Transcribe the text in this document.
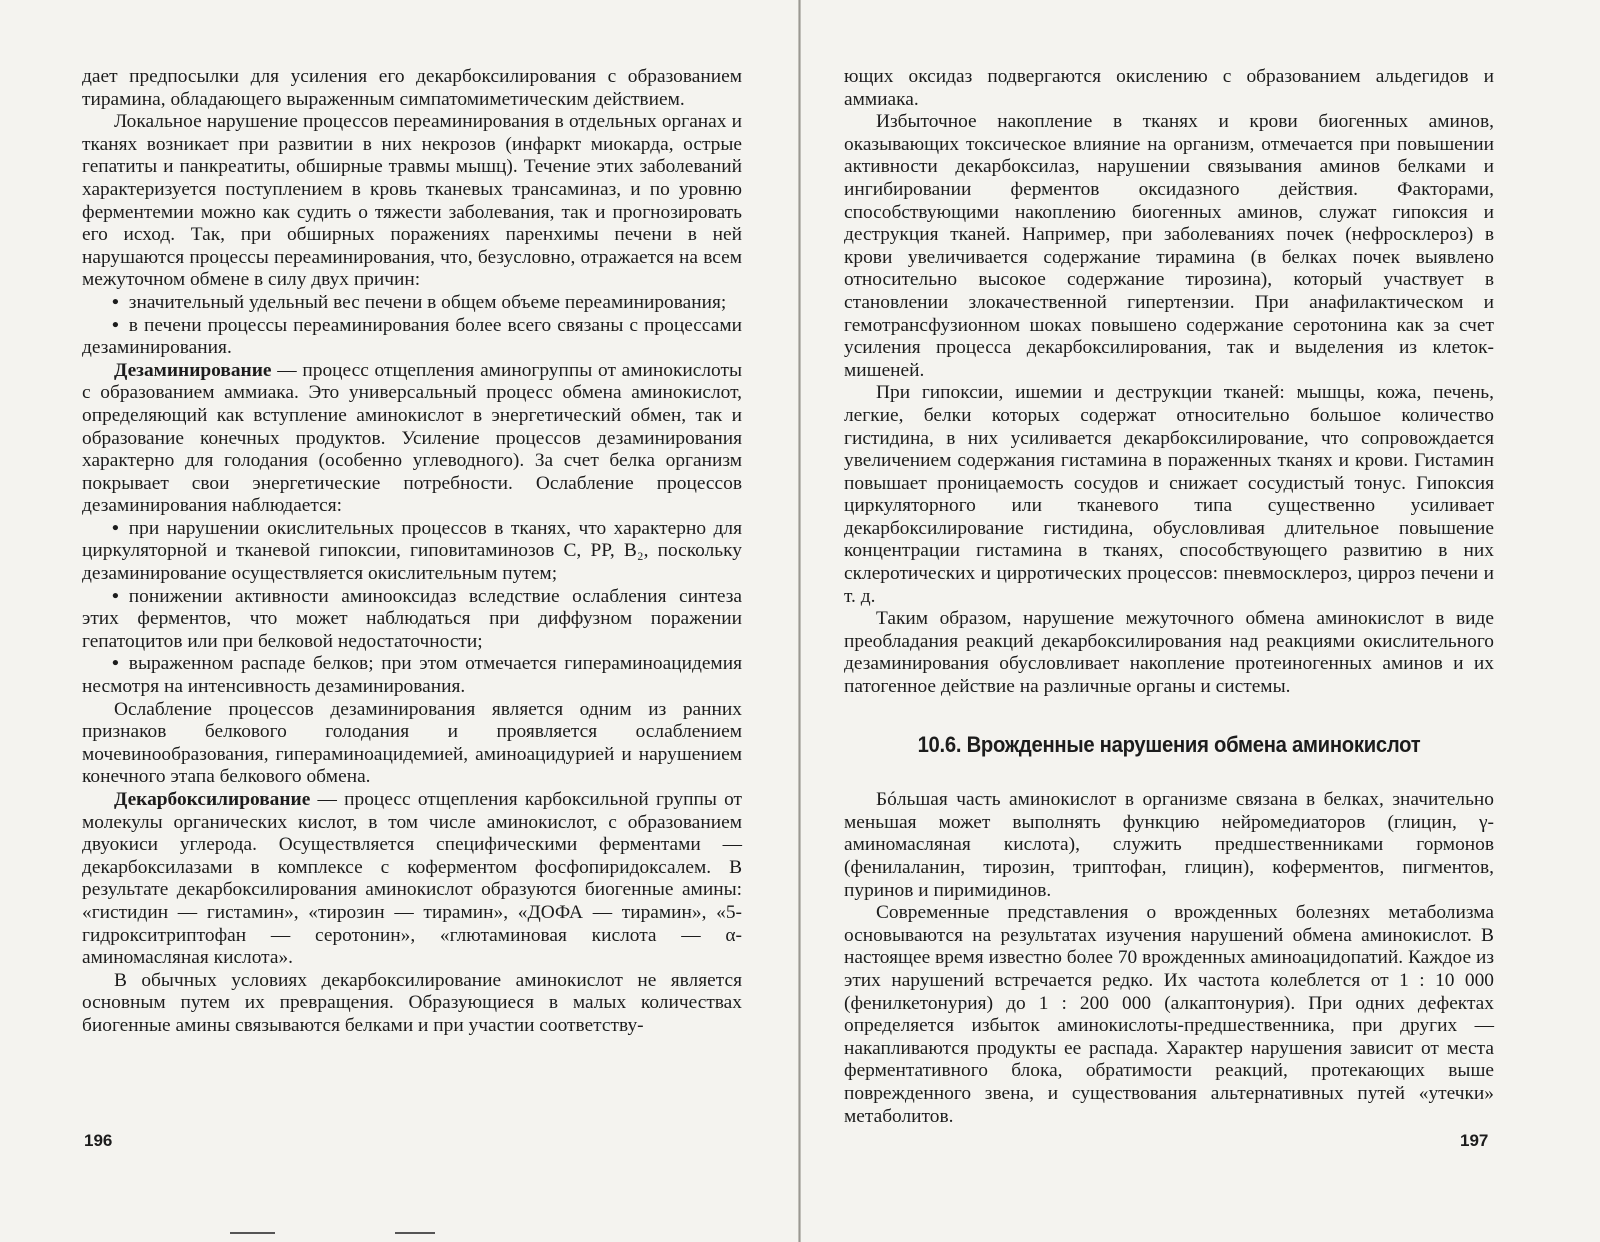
дает предпосылки для усиления его декарбоксилирования с образованием тирамина, обладающего выраженным симпатомиметическим действием.

Локальное нарушение процессов переаминирования в отдельных органах и тканях возникает при развитии в них некрозов (инфаркт миокарда, острые гепатиты и панкреатиты, обширные травмы мышц). Течение этих заболеваний характеризуется поступлением в кровь тканевых трансаминаз, и по уровню ферментемии можно как судить о тяжести заболевания, так и прогнозировать его исход. Так, при обширных поражениях паренхимы печени в ней нарушаются процессы переаминирования, что, безусловно, отражается на всем межуточном обмене в силу двух причин:

• значительный удельный вес печени в общем объеме переаминирования;

• в печени процессы переаминирования более всего связаны с процессами дезаминирования.

Дезаминирование — процесс отщепления аминогруппы от аминокислоты с образованием аммиака. Это универсальный процесс обмена аминокислот, определяющий как вступление аминокислот в энергетический обмен, так и образование конечных продуктов. Усиление процессов дезаминирования характерно для голодания (особенно углеводного). За счет белка организм покрывает свои энергетические потребности. Ослабление процессов дезаминирования наблюдается:

• при нарушении окислительных процессов в тканях, что характерно для циркуляторной и тканевой гипоксии, гиповитаминозов C, PP, B₂, поскольку дезаминирование осуществляется окислительным путем;

• понижении активности аминооксидаз вследствие ослабления синтеза этих ферментов, что может наблюдаться при диффузном поражении гепатоцитов или при белковой недостаточности;

• выраженном распаде белков; при этом отмечается гипераминоацидемия несмотря на интенсивность дезаминирования.

Ослабление процессов дезаминирования является одним из ранних признаков белкового голодания и проявляется ослаблением мочевинообразования, гипераминоацидемией, аминоацидурией и нарушением конечного этапа белкового обмена.

Декарбоксилирование — процесс отщепления карбоксильной группы от молекулы органических кислот, в том числе аминокислот, с образованием двуокиси углерода. Осуществляется специфическими ферментами — декарбоксилазами в комплексе с коферментом фосфопиридоксалем. В результате декарбоксилирования аминокислот образуются биогенные амины: «гистидин — гистамин», «тирозин — тирамин», «ДОФА — тирамин», «5-гидрокситриптофан — серотонин», «глютаминовая кислота — α-аминомасляная кислота».

В обычных условиях декарбоксилирование аминокислот не является основным путем их превращения. Образующиеся в малых количествах биогенные амины связываются белками и при участии соответству-

196

ющих оксидаз подвергаются окислению с образованием альдегидов и аммиака.

Избыточное накопление в тканях и крови биогенных аминов, оказывающих токсическое влияние на организм, отмечается при повышении активности декарбоксилаз, нарушении связывания аминов белками и ингибировании ферментов оксидазного действия. Факторами, способствующими накоплению биогенных аминов, служат гипоксия и деструкция тканей. Например, при заболеваниях почек (нефросклероз) в крови увеличивается содержание тирамина (в белках почек выявлено относительно высокое содержание тирозина), который участвует в становлении злокачественной гипертензии. При анафилактическом и гемотрансфузионном шоках повышено содержание серотонина как за счет усиления процесса декарбоксилирования, так и выделения из клеток-мишеней.

При гипоксии, ишемии и деструкции тканей: мышцы, кожа, печень, легкие, белки которых содержат относительно большое количество гистидина, в них усиливается декарбоксилирование, что сопровождается увеличением содержания гистамина в пораженных тканях и крови. Гистамин повышает проницаемость сосудов и снижает сосудистый тонус. Гипоксия циркуляторного или тканевого типа существенно усиливает декарбоксилирование гистидина, обусловливая длительное повышение концентрации гистамина в тканях, способствующего развитию в них склеротических и цирротических процессов: пневмосклероз, цирроз печени и т. д.

Таким образом, нарушение межуточного обмена аминокислот в виде преобладания реакций декарбоксилирования над реакциями окислительного дезаминирования обусловливает накопление протеиногенных аминов и их патогенное действие на различные органы и системы.

10.6. Врожденные нарушения обмена аминокислот

Бóльшая часть аминокислот в организме связана в белках, значительно меньшая может выполнять функцию нейромедиаторов (глицин, γ-аминомасляная кислота), служить предшественниками гормонов (фенилаланин, тирозин, триптофан, глицин), коферментов, пигментов, пуринов и пиримидинов.

Современные представления о врожденных болезнях метаболизма основываются на результатах изучения нарушений обмена аминокислот. В настоящее время известно более 70 врожденных аминоацидопатий. Каждое из этих нарушений встречается редко. Их частота колеблется от 1 : 10 000 (фенилкетонурия) до 1 : 200 000 (алкаптонурия). При одних дефектах определяется избыток аминокислоты-предшественника, при других — накапливаются продукты ее распада. Характер нарушения зависит от места ферментативного блока, обратимости реакций, протекающих выше поврежденного звена, и существования альтернативных путей «утечки» метаболитов.

197
